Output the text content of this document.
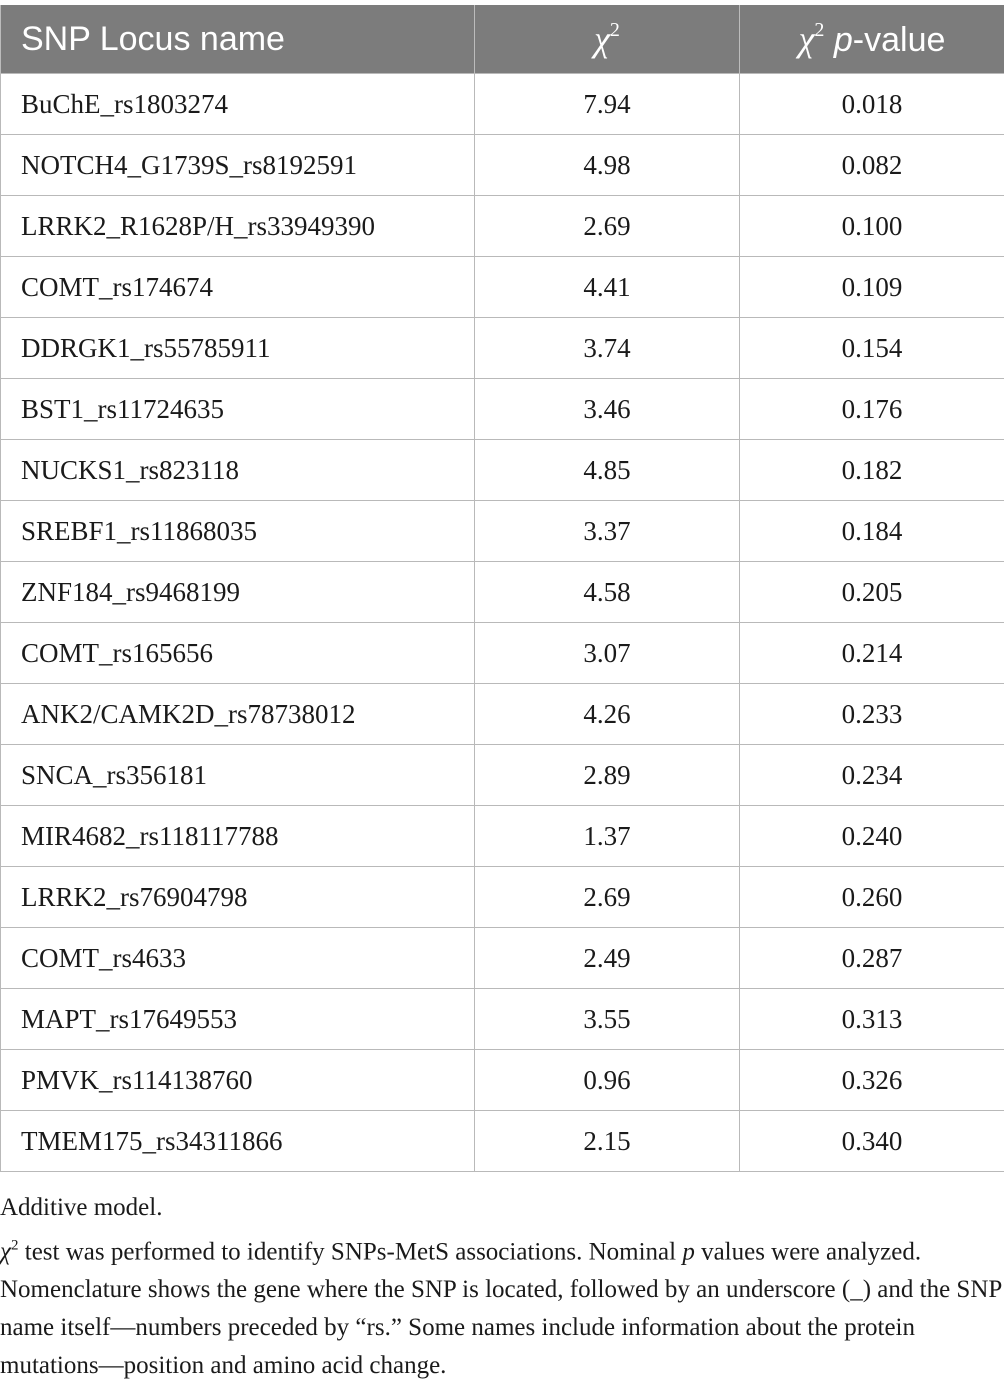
SNP Locus name	$\chi^2$	$\chi^2$ p-value
BuChE_rs1803274	7.94	0.018
NOTCH4_G1739S_rs8192591	4.98	0.082
LRRK2_R1628P/H_rs33949390	2.69	0.100
COMT_rs174674	4.41	0.109
DDRGK1_rs55785911	3.74	0.154
BST1_rs11724635	3.46	0.176
NUCKS1_rs823118	4.85	0.182
SREBF1_rs11868035	3.37	0.184
ZNF184_rs9468199	4.58	0.205
COMT_rs165656	3.07	0.214
ANK2/CAMK2D_rs78738012	4.26	0.233
SNCA_rs356181	2.89	0.234
MIR4682_rs118117788	1.37	0.240
LRRK2_rs76904798	2.69	0.260
COMT_rs4633	2.49	0.287
MAPT_rs17649553	3.55	0.313
PMVK_rs114138760	0.96	0.326
TMEM175_rs34311866	2.15	0.340

Additive model.

$\chi^2$ test was performed to identify SNPs-MetS associations. Nominal p values were analyzed.

Nomenclature shows the gene where the SNP is located, followed by an underscore (_) and the SNP name itself—numbers preceded by “rs.” Some names include information about the protein mutations—position and amino acid change.
